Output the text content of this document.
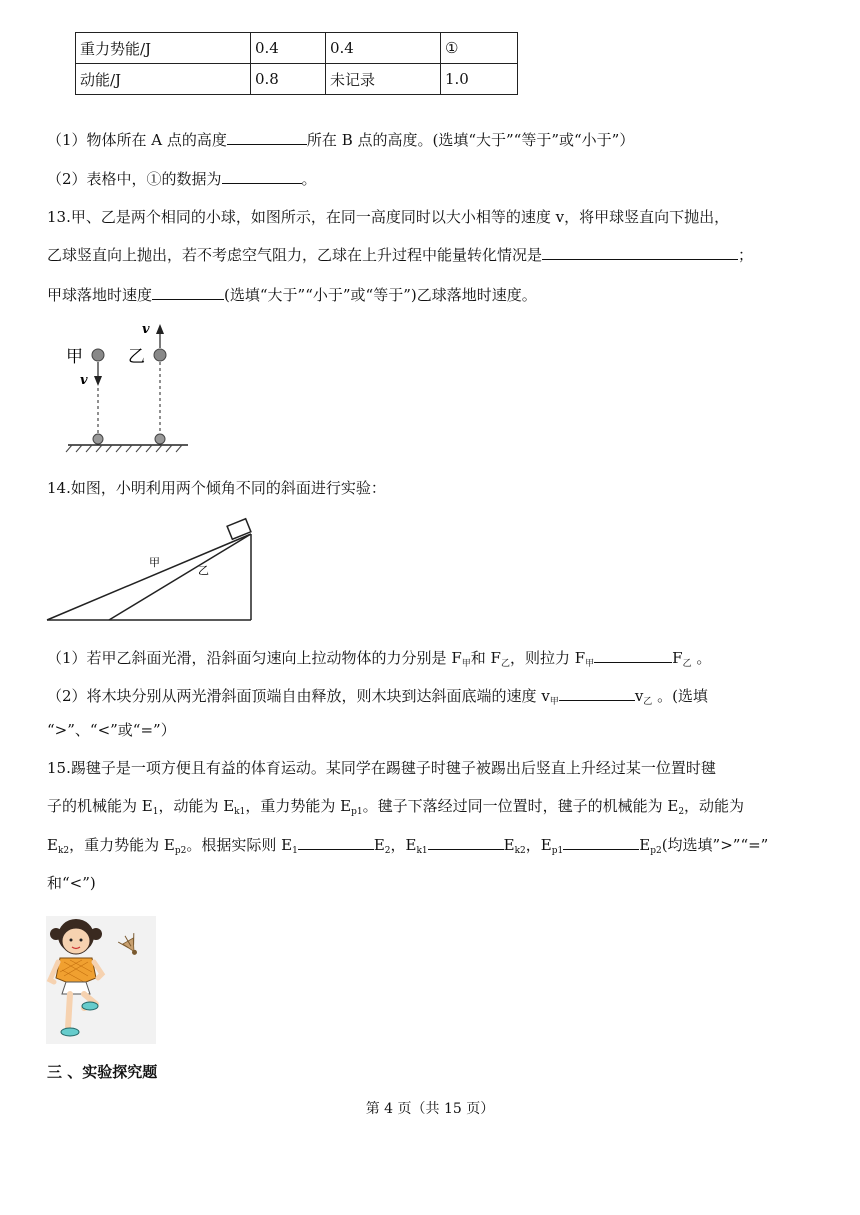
重力势能/J	0.4	0.4	①
动能/J	0.8	未记录	1.0
（1）物体所在 A 点的高度	所在 B 点的高度。(选填“大于”“等于”或“小于”）
（2）表格中，①的数据为	。
13.甲、乙是两个相同的小球，如图所示，在同一高度同时以大小相等的速度 v，将甲球竖直向下抛出，
乙球竖直向上抛出，若不考虑空气阻力，乙球在上升过程中能量转化情况是	；
甲球落地时速度	(选填“大于”“小于”或“等于”)乙球落地时速度。
甲	乙
v
v
14.如图，小明利用两个倾角不同的斜面进行实验：
甲
乙
（1）若甲乙斜面光滑，沿斜面匀速向上拉动物体的力分别是 $F_甲$和 $F_乙$，则拉力 $F_甲$	$F_乙$ 。
（2）将木块分别从两光滑斜面顶端自由释放，则木块到达斜面底端的速度 $v_甲$	$v_乙$ 。(选填
“>”、“<”或“=”）
15.踢毽子是一项方便且有益的体育运动。某同学在踢毽子时毽子被踢出后竖直上升经过某一位置时毽
子的机械能为 $E_1$，动能为 $E_{k1}$，重力势能为 $E_{p1}$。毽子下落经过同一位置时，毽子的机械能为 $E_2$，动能为
$E_{k2}$，重力势能为 $E_{p2}$。根据实际则 $E_1$	$E_2$，$E_{k1}$	$E_{k2}$，$E_{p1}$	$E_{p2}$(均选填”>”“=”
和“<”)
三 、实验探究题
第 4 页（共 15 页）
